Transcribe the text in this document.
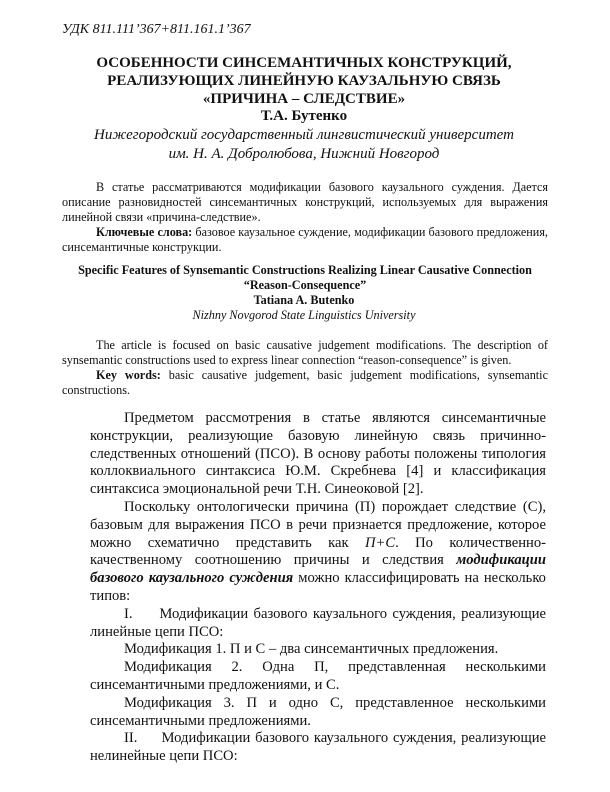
УДК 811.111’367+811.161.1’367
ОСОБЕННОСТИ СИНСЕМАНТИЧНЫХ КОНСТРУКЦИЙ,
РЕАЛИЗУЮЩИХ ЛИНЕЙНУЮ КАУЗАЛЬНУЮ СВЯЗЬ
«ПРИЧИНА – СЛЕДСТВИЕ»
Т.А. Бутенко
Нижегородский государственный лингвистический университет
им. Н. А. Добролюбова, Нижний Новгород

В статье рассматриваются модификации базового каузального суждения. Дается описание разновидностей синсемантичных конструкций, используемых для выражения линейной связи «причина-следствие».

Ключевые слова: базовое каузальное суждение, модификации базового предложения, синсемантичные конструкции.

Specific Features of Synsemantic Constructions Realizing Linear Causative Connection
“Reason-Consequence”
Tatiana A. Butenko
Nizhny Novgorod State Linguistics University

The article is focused on basic causative judgement modifications. The description of synsemantic constructions used to express linear connection “reason-consequence” is given.

Key words: basic causative judgement, basic judgement modifications, synsemantic constructions.

Предметом рассмотрения в статье являются синсемантичные конструкции, реализующие базовую линейную связь причинно-следственных отношений (ПСО). В основу работы положены типология коллоквиального синтаксиса Ю.М. Скребнева [4] и классификация синтаксиса эмоциональной речи Т.Н. Синеоковой [2].

Поскольку онтологически причина (П) порождает следствие (С), базовым для выражения ПСО в речи признается предложение, которое можно схематично представить как П+С. По количественно-качественному соотношению причины и следствия модификации базового каузального суждения можно классифицировать на несколько типов:

I.     Модификации базового каузального суждения, реализующие линейные цепи ПСО:

Модификация 1. П и С – два синсемантичных предложения.

Модификация 2. Одна П, представленная несколькими синсемантичными предложениями, и С.

Модификация 3. П и одно С, представленное несколькими синсемантичными предложениями.

II.     Модификации базового каузального суждения, реализующие нелинейные цепи ПСО:
